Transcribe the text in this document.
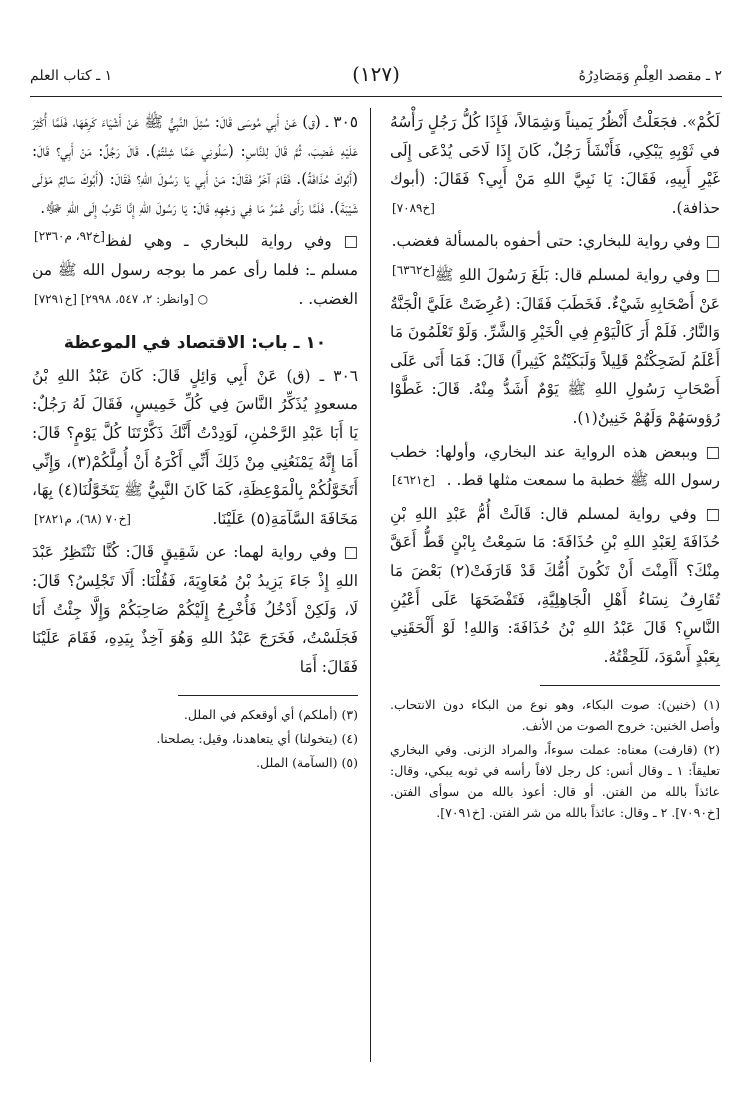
٢ ـ مقصد العِلْمِ وَمَصَادِرُهُ
(١٢٧)
١ ـ كتاب العلم

لَكُمْ». فجَعَلْتُ أَنْظُرُ يَميناً وَشِمَالاً، فَإِذَا كُلُّ رَجُلٍ رَأْسُهُ في ثَوْبِهِ يَبْكِي، فَأَنْشَأَ رَجُلٌ، كَانَ إِذَا لَاحَى يُدْعَى إِلَى غَيْرِ أَبِيهِ، فَقَالَ: يَا نَبِيَّ اللهِ مَنْ أَبِي؟ فَقَالَ: (أبوك حذافة).
[خ٧٠٨٩]

□ وفي رواية للبخاري: حتى أحفوه بالمسألة فغضب.
[خ٦٣٦٢] □ وفي رواية لمسلم قال: بَلَغَ رَسُولَ اللهِ ﷺ عَنْ أَصْحَابِهِ شَيْءٌ. فَخَطَبَ فَقَالَ: (عُرِضَتْ عَلَيَّ الْجَنَّةُ وَالنَّارُ. فَلَمْ أَرَ كَالْيَوْمِ فِي الْخَيْرِ وَالشَّرِّ. وَلَوْ تَعْلَمُونَ مَا أَعْلَمُ لَضَحِكْتُمْ قَلِيلاً وَلَبَكَيْتُمْ كَثِيراً) قَالَ: فَمَا أَتَى عَلَى أَصْحَابِ رَسُولِ اللهِ ﷺ يَوْمٌ أَشَدُّ مِنْهُ. قَالَ: غَطَّوْا رُؤوسَهُمْ وَلَهُمْ خَنِينٌ(١).

□ وببعض هذه الرواية عند البخاري، وأولها: خطب رسول الله ﷺ خطبة ما سمعت مثلها قط. .
[خ٤٦٢١]

□ وفي رواية لمسلم قال: قَالَتْ أُمُّ عَبْدِ اللهِ بْنِ حُذَافَةَ لِعَبْدِ اللهِ بْنِ حُذَافَةَ: مَا سَمِعْتُ بِابْنٍ قَطُّ أَعَقَّ مِنْكَ؟ أَأَمِنْتَ أَنْ تَكُونَ أُمُّكَ قَدْ قَارَفَتْ(٢) بَعْضَ مَا تُقَارِفُ نِسَاءُ أَهْلِ الْجَاهِلِيَّةِ، فَتَفْضَحَهَا عَلَى أَعْيُنِ النَّاسِ؟ قَالَ عَبْدُ اللهِ بْنُ حُذَافَةَ: وَاللهِ! لَوْ أَلْحَقَنِي بِعَبْدٍ أَسْوَدَ، لَلَحِقْتُهُ.

(١) (خنين): صوت البكاء، وهو نوع من البكاء دون الانتحاب. وأصل الخنين: خروج الصوت من الأنف.

(٢) (قارفت) معناه: عملت سوءاً، والمراد الزنى. وفي البخاري تعليقاً: ١ ـ وقال أنس: كل رجل لافاً رأسه في ثوبه يبكي، وقال: عائذاً بالله من الفتن. أو قال: أعوذ بالله من سوأى الفتن. [خ٧٠٩٠]. ٢ ـ وقال: عائذاً بالله من شر الفتن. [خ٧٠٩١].

٣٠٥ ـ (ق) عَنْ أَبِي مُوسَى قَالَ: سُئِلَ النَّبِيُّ ﷺ عَنْ أَشْيَاءَ كَرِهَهَا، فَلَمَّا أُكْثِرَ عَلَيْهِ غَضِبَ، ثُمَّ قَالَ لِلنَّاسِ: (سَلُونِي عَمَّا شِئْتُمْ). قَالَ رَجُلٌ: مَنْ أَبِي؟ قَالَ: (أَبُوكَ حُذَافَةُ). فَقَامَ آخَرُ فَقَالَ: مَنْ أَبِي يَا رَسُولَ اللهِ؟ فَقَالَ: (أَبُوكَ سَالِمٌ مَوْلَى شَيْبَةَ). فَلَمَّا رَأَى عُمَرُ مَا فِي وَجْهِهِ قَالَ: يَا رَسُولَ اللهِ إِنَّا نَتُوبُ إِلَى اللهِ ﷻ.
[خ٩٢، م٢٣٦٠] □ وفي رواية للبخاري ـ وهي لفظ مسلم ـ: فلما رأى عمر ما بوجه رسول الله ﷺ من الغضب. .
○ [وانظر: ٢، ٥٤٧، ٢٩٩٨] [خ٧٢٩١]

١٠ ـ باب: الاقتصاد في الموعظة

٣٠٦ ـ (ق) عَنْ أَبِي وَائِلٍ قَالَ: كَانَ عَبْدُ اللهِ بْنُ مسعودٍ يُذَكِّرُ النَّاسَ فِي كُلِّ خَمِيسٍ، فَقَالَ لَهُ رَجُلٌ: يَا أَبَا عَبْدِ الرَّحْمٰنِ، لَوَدِدْتُ أَنَّكَ ذَكَّرْتَنَا كُلَّ يَوْمٍ؟ قَالَ: أَمَا إِنَّهُ يَمْنَعُنِي مِنْ ذَلِكَ أَنِّي أَكْرَهُ أَنْ أُمِلَّكُمْ(٣)، وَإِنِّي أَتَخَوَّلُكُمْ بِالْمَوْعِظَةِ، كَمَا كَانَ النَّبِيُّ ﷺ يَتَخَوَّلُنَا(٤) بِهَا، مَخَافَةَ السَّآمَةِ(٥) عَلَيْنَا.
[خ٧٠ (٦٨)، م٢٨٢١]

□ وفي رواية لهما: عن شَقِيقٍ قَالَ: كُنَّا نَنْتَظِرُ عَبْدَ اللهِ إِذْ جَاءَ يَزِيدُ بْنُ مُعَاوِيَةَ، فَقُلْنَا: أَلَا تَجْلِسُ؟ قَالَ: لَا، وَلَكِنْ أَدْخُلُ فَأُخْرِجُ إِلَيْكُمْ صَاحِبَكُمْ وَإِلَّا جِئْتُ أَنَا فَجَلَسْتُ، فَخَرَجَ عَبْدُ اللهِ وَهُوَ آخِذٌ بِيَدِهِ، فَقَامَ عَلَيْنَا فَقَالَ: أَمَا

(٣) (أملكم) أي أوقعكم في الملل.

(٤) (يتخولنا) أي يتعاهدنا، وقيل: يصلحنا.

(٥) (السآمة) الملل.
